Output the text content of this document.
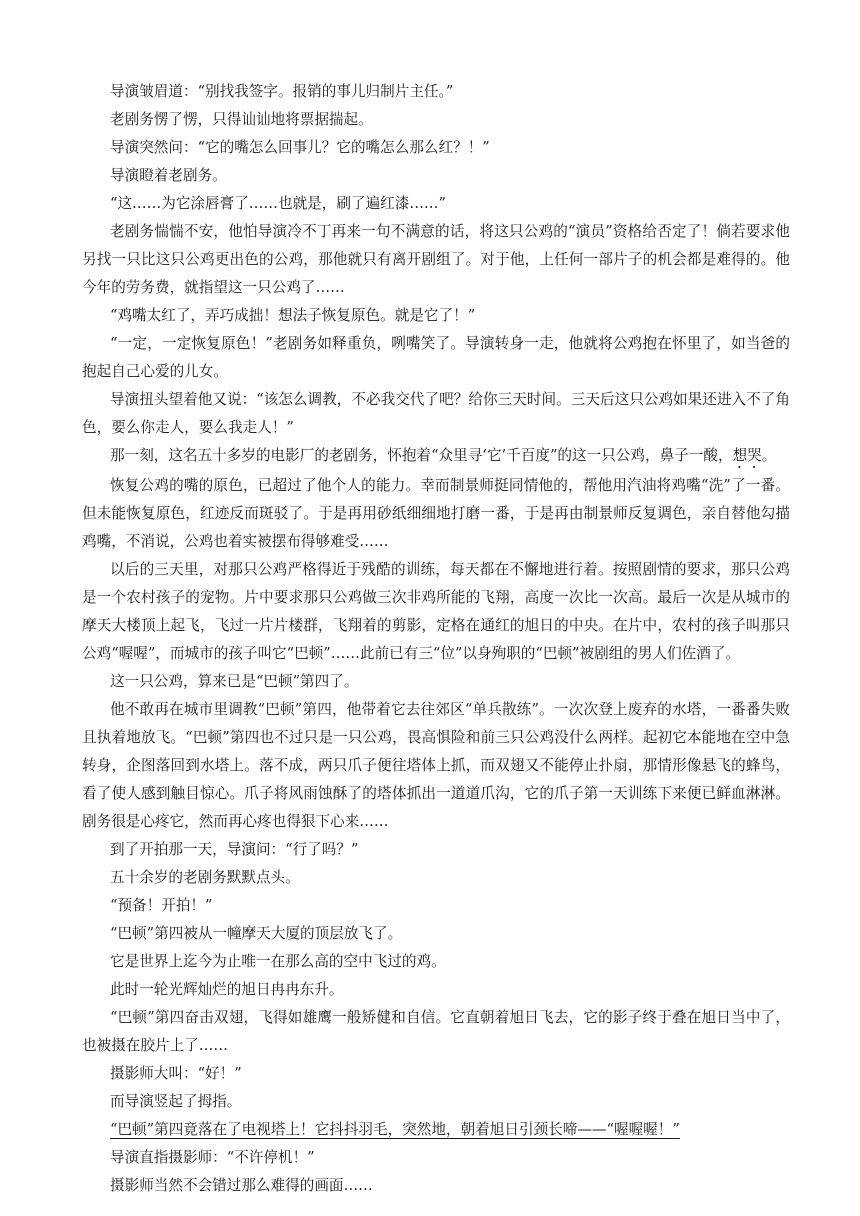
导演皱眉道：“别找我签字。报销的事儿归制片主任。”

老剧务愣了愣，只得讪讪地将票据揣起。

导演突然问：“它的嘴怎么回事儿？它的嘴怎么那么红？！”

导演瞪着老剧务。

“这……为它涂唇膏了……也就是，刷了遍红漆……”

老剧务惴惴不安，他怕导演冷不丁再来一句不满意的话，将这只公鸡的“演员”资格给否定了！倘若要求他另找一只比这只公鸡更出色的公鸡，那他就只有离开剧组了。对于他，上任何一部片子的机会都是难得的。他今年的劳务费，就指望这一只公鸡了……

“鸡嘴太红了，弄巧成拙！想法子恢复原色。就是它了！”

“一定，一定恢复原色！”老剧务如释重负，咧嘴笑了。导演转身一走，他就将公鸡抱在怀里了，如当爸的抱起自己心爱的儿女。

导演扭头望着他又说：“该怎么调教，不必我交代了吧？给你三天时间。三天后这只公鸡如果还进入不了角色，要么你走人，要么我走人！”

那一刻，这名五十多岁的电影厂的老剧务，怀抱着“众里寻‘它’千百度”的这一只公鸡，鼻子一酸，想哭。

恢复公鸡的嘴的原色，已超过了他个人的能力。幸而制景师挺同情他的，帮他用汽油将鸡嘴“洗”了一番。但未能恢复原色，红迹反而斑驳了。于是再用砂纸细细地打磨一番，于是再由制景师反复调色，亲自替他勾描鸡嘴，不消说，公鸡也着实被摆布得够难受……

以后的三天里，对那只公鸡严格得近于残酷的训练，每天都在不懈地进行着。按照剧情的要求，那只公鸡是一个农村孩子的宠物。片中要求那只公鸡做三次非鸡所能的飞翔，高度一次比一次高。最后一次是从城市的摩天大楼顶上起飞，飞过一片片楼群，飞翔着的剪影，定格在通红的旭日的中央。在片中，农村的孩子叫那只公鸡“喔喔”，而城市的孩子叫它“巴顿”……此前已有三“位”以身殉职的“巴顿”被剧组的男人们佐酒了。

这一只公鸡，算来已是“巴顿”第四了。

他不敢再在城市里调教“巴顿”第四，他带着它去往郊区“单兵散练”。一次次登上废弃的水塔，一番番失败且执着地放飞。“巴顿”第四也不过只是一只公鸡，畏高惧险和前三只公鸡没什么两样。起初它本能地在空中急转身，企图落回到水塔上。落不成，两只爪子便往塔体上抓，而双翅又不能停止扑扇，那情形像悬飞的蜂鸟，看了使人感到触目惊心。爪子将风雨蚀酥了的塔体抓出一道道爪沟，它的爪子第一天训练下来便已鲜血淋淋。剧务很是心疼它，然而再心疼也得狠下心来……

到了开拍那一天，导演问：“行了吗？”

五十余岁的老剧务默默点头。

“预备！开拍！”

“巴顿”第四被从一幢摩天大厦的顶层放飞了。

它是世界上迄今为止唯一在那么高的空中飞过的鸡。

此时一轮光辉灿烂的旭日冉冉东升。

“巴顿”第四奋击双翅，飞得如雄鹰一般矫健和自信。它直朝着旭日飞去，它的影子终于叠在旭日当中了，也被摄在胶片上了……

摄影师大叫：“好！”

而导演竖起了拇指。

“巴顿”第四竟落在了电视塔上！它抖抖羽毛，突然地，朝着旭日引颈长啼——“喔喔喔！”

导演直指摄影师：“不许停机！”

摄影师当然不会错过那么难得的画面……
